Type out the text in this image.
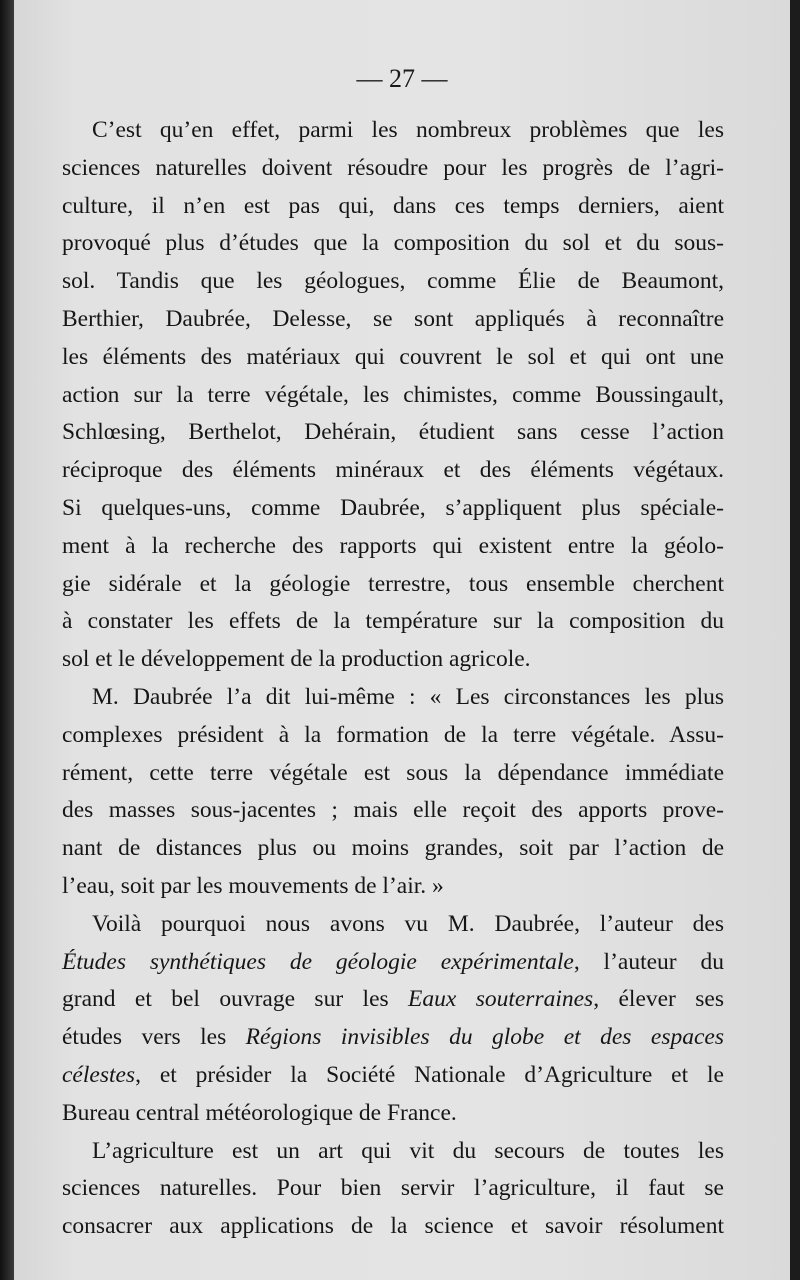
— 27 —
C’est qu’en effet, parmi les nombreux problèmes que les
sciences naturelles doivent résoudre pour les progrès de l’agri-
culture, il n’en est pas qui, dans ces temps derniers, aient
provoqué plus d’études que la composition du sol et du sous-
sol. Tandis que les géologues, comme Élie de Beaumont,
Berthier, Daubrée, Delesse, se sont appliqués à reconnaître
les éléments des matériaux qui couvrent le sol et qui ont une
action sur la terre végétale, les chimistes, comme Boussingault,
Schlœsing, Berthelot, Dehérain, étudient sans cesse l’action
réciproque des éléments minéraux et des éléments végétaux.
Si quelques-uns, comme Daubrée, s’appliquent plus spéciale-
ment à la recherche des rapports qui existent entre la géolo-
gie sidérale et la géologie terrestre, tous ensemble cherchent
à constater les effets de la température sur la composition du
sol et le développement de la production agricole.
M. Daubrée l’a dit lui-même : « Les circonstances les plus
complexes président à la formation de la terre végétale. Assu-
rément, cette terre végétale est sous la dépendance immédiate
des masses sous-jacentes ; mais elle reçoit des apports prove-
nant de distances plus ou moins grandes, soit par l’action de
l’eau, soit par les mouvements de l’air. »
Voilà pourquoi nous avons vu M. Daubrée, l’auteur des
Études synthétiques de géologie expérimentale, l’auteur du
grand et bel ouvrage sur les Eaux souterraines, élever ses
études vers les Régions invisibles du globe et des espaces
célestes, et présider la Société Nationale d’Agriculture et le
Bureau central météorologique de France.
L’agriculture est un art qui vit du secours de toutes les
sciences naturelles. Pour bien servir l’agriculture, il faut se
consacrer aux applications de la science et savoir résolument
